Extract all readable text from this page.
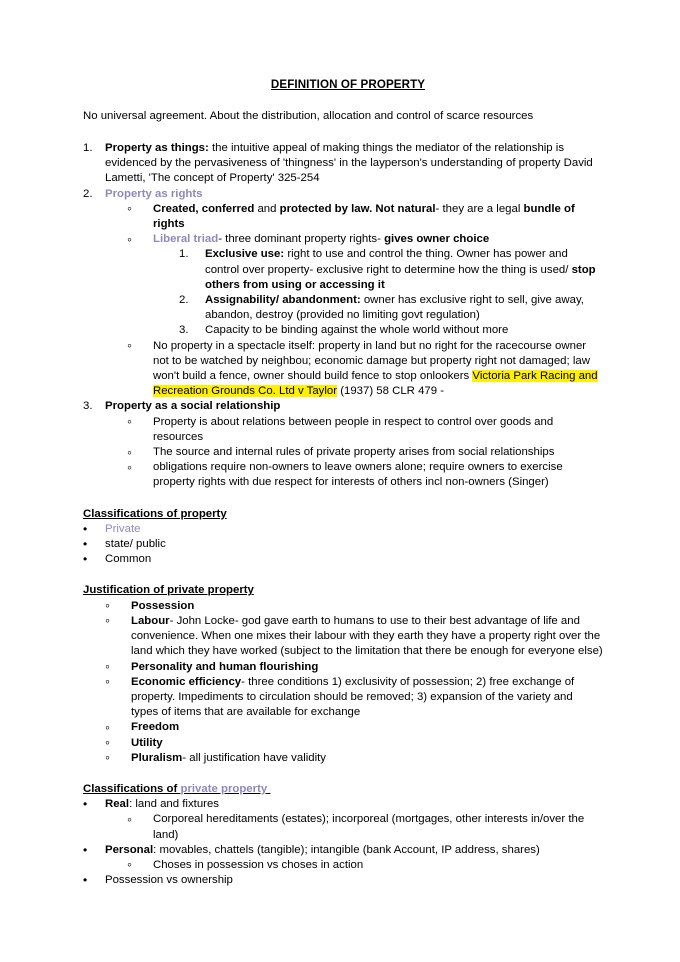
DEFINITION OF PROPERTY

No universal agreement. About the distribution, allocation and control of scarce resources

1.	Property as things: the intuitive appeal of making things the mediator of the relationship is evidenced by the pervasiveness of 'thingness' in the layperson's understanding of property David Lametti, 'The concept of Property' 325-254
2.	Property as rights
◦
Created, conferred and protected by law. Not natural- they are a legal bundle of rights
◦
Liberal triad- three dominant property rights- gives owner choice
1.	Exclusive use: right to use and control the thing. Owner has power and control over property- exclusive right to determine how the thing is used/ stop others from using or accessing it
2.	Assignability/ abandonment: owner has exclusive right to sell, give away, abandon, destroy (provided no limiting govt regulation)
3.	Capacity to be binding against the whole world without more
◦
No property in a spectacle itself: property in land but no right for the racecourse owner not to be watched by neighbou; economic damage but property right not damaged; law won't build a fence, owner should build fence to stop onlookers Victoria Park Racing and Recreation Grounds Co. Ltd v Taylor (1937) 58 CLR 479 -
3.	Property as a social relationship
◦
Property is about relations between people in respect to control over goods and resources
◦
The source and internal rules of private property arises from social relationships
◦
obligations require non-owners to leave owners alone; require owners to exercise property rights with due respect for interests of others incl non-owners (Singer)
Classifications of property
•
Private
•
state/ public
•
Common
Justification of private property
◦
Possession
◦
Labour- John Locke- god gave earth to humans to use to their best advantage of life and convenience. When one mixes their labour with they earth they have a property right over the land which they have worked (subject to the limitation that there be enough for everyone else)
◦
Personality and human flourishing
◦
Economic efficiency- three conditions 1) exclusivity of possession; 2) free exchange of property. Impediments to circulation should be removed; 3) expansion of the variety and types of items that are available for exchange
◦
Freedom
◦
Utility
◦
Pluralism- all justification have validity
Classifications of private property
•
Real: land and fixtures
◦
Corporeal hereditaments (estates); incorporeal (mortgages, other interests in/over the land)
•
Personal: movables, chattels (tangible); intangible (bank Account, IP address, shares)
◦
Choses in possession vs choses in action
•
Possession vs ownership
